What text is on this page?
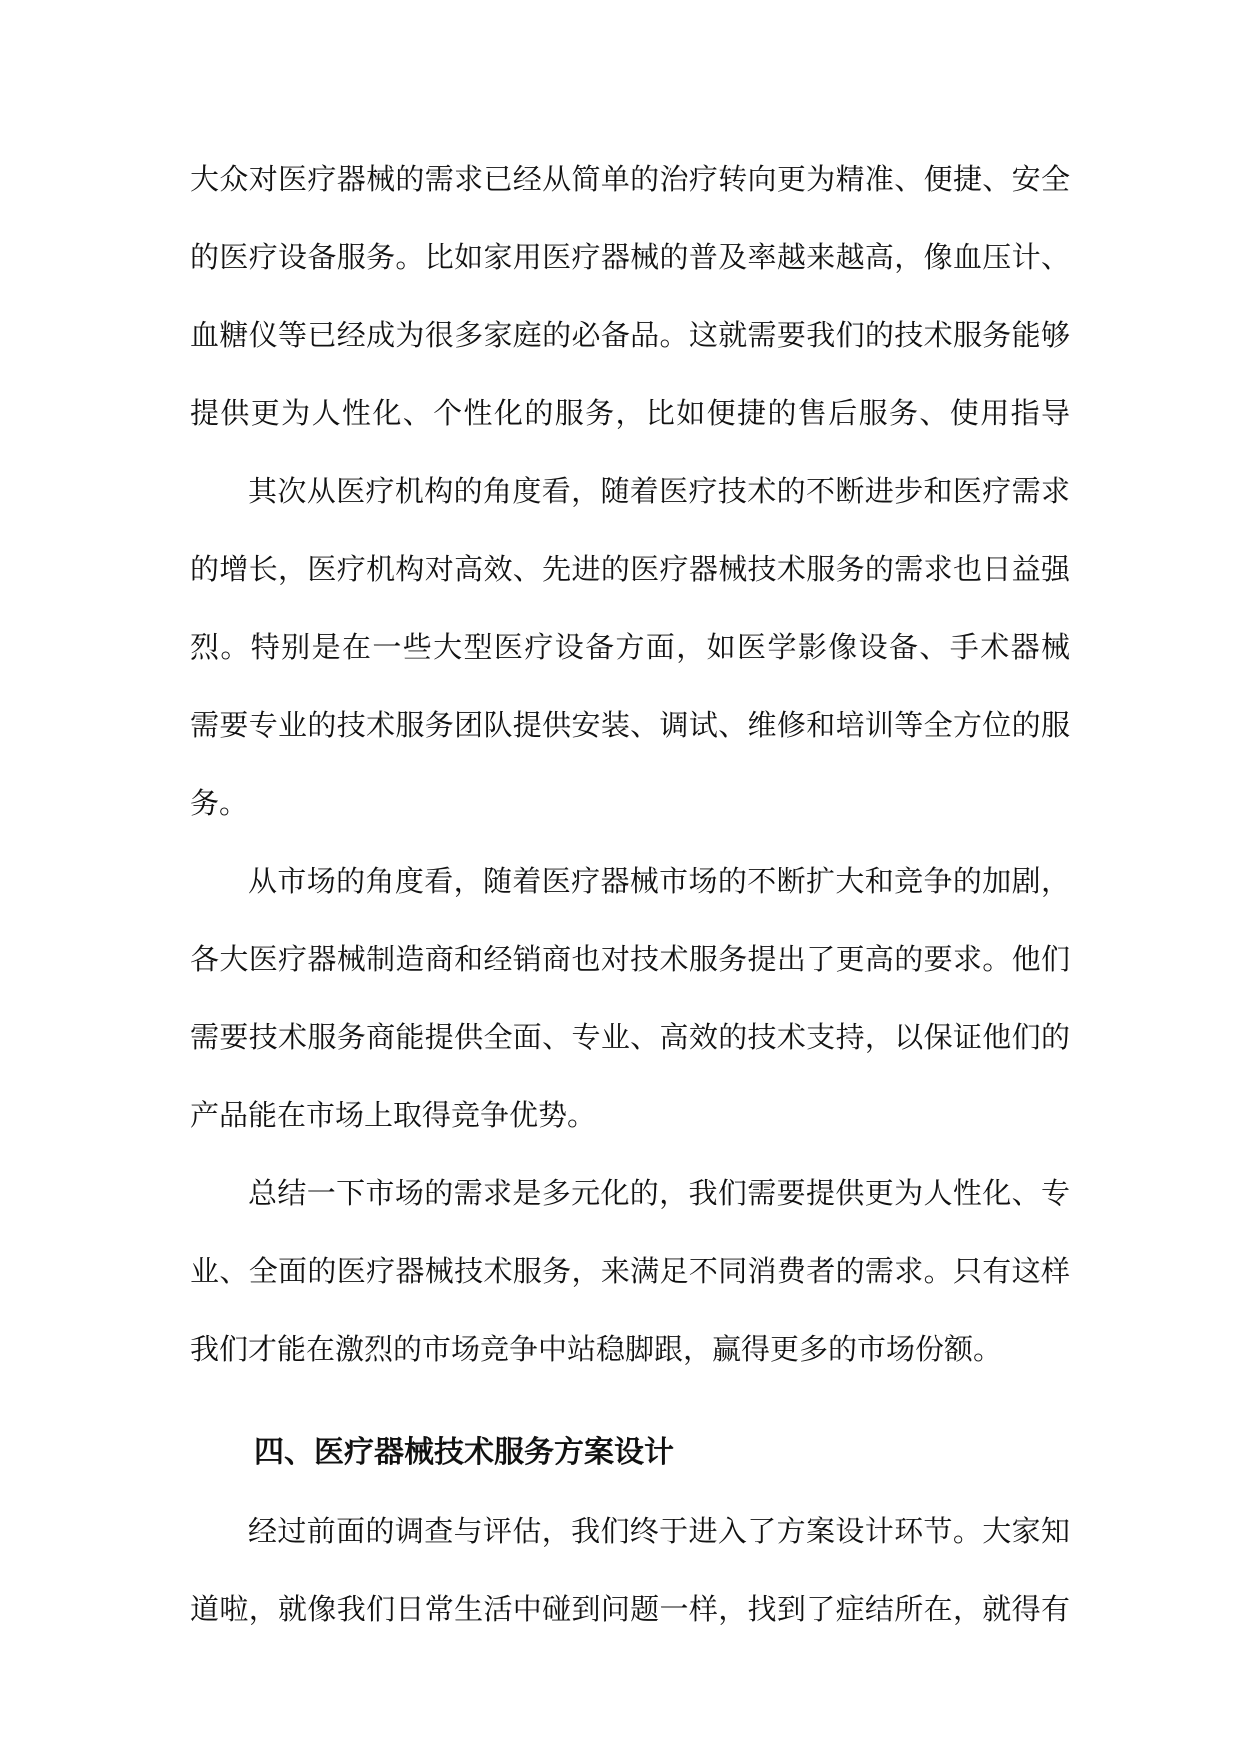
大众对医疗器械的需求已经从简单的治疗转向更为精准、便捷、安全
的医疗设备服务。比如家用医疗器械的普及率越来越高，像血压计、
血糖仪等已经成为很多家庭的必备品。这就需要我们的技术服务能够
提供更为人性化、个性化的服务，比如便捷的售后服务、使用指导
其次从医疗机构的角度看，随着医疗技术的不断进步和医疗需求
的增长，医疗机构对高效、先进的医疗器械技术服务的需求也日益强
烈。特别是在一些大型医疗设备方面，如医学影像设备、手术器械
需要专业的技术服务团队提供安装、调试、维修和培训等全方位的服
务。
从市场的角度看，随着医疗器械市场的不断扩大和竞争的加剧，
各大医疗器械制造商和经销商也对技术服务提出了更高的要求。他们
需要技术服务商能提供全面、专业、高效的技术支持，以保证他们的
产品能在市场上取得竞争优势。
总结一下市场的需求是多元化的，我们需要提供更为人性化、专
业、全面的医疗器械技术服务，来满足不同消费者的需求。只有这样
我们才能在激烈的市场竞争中站稳脚跟，赢得更多的市场份额。
四、医疗器械技术服务方案设计
经过前面的调查与评估，我们终于进入了方案设计环节。大家知
道啦，就像我们日常生活中碰到问题一样，找到了症结所在，就得有
